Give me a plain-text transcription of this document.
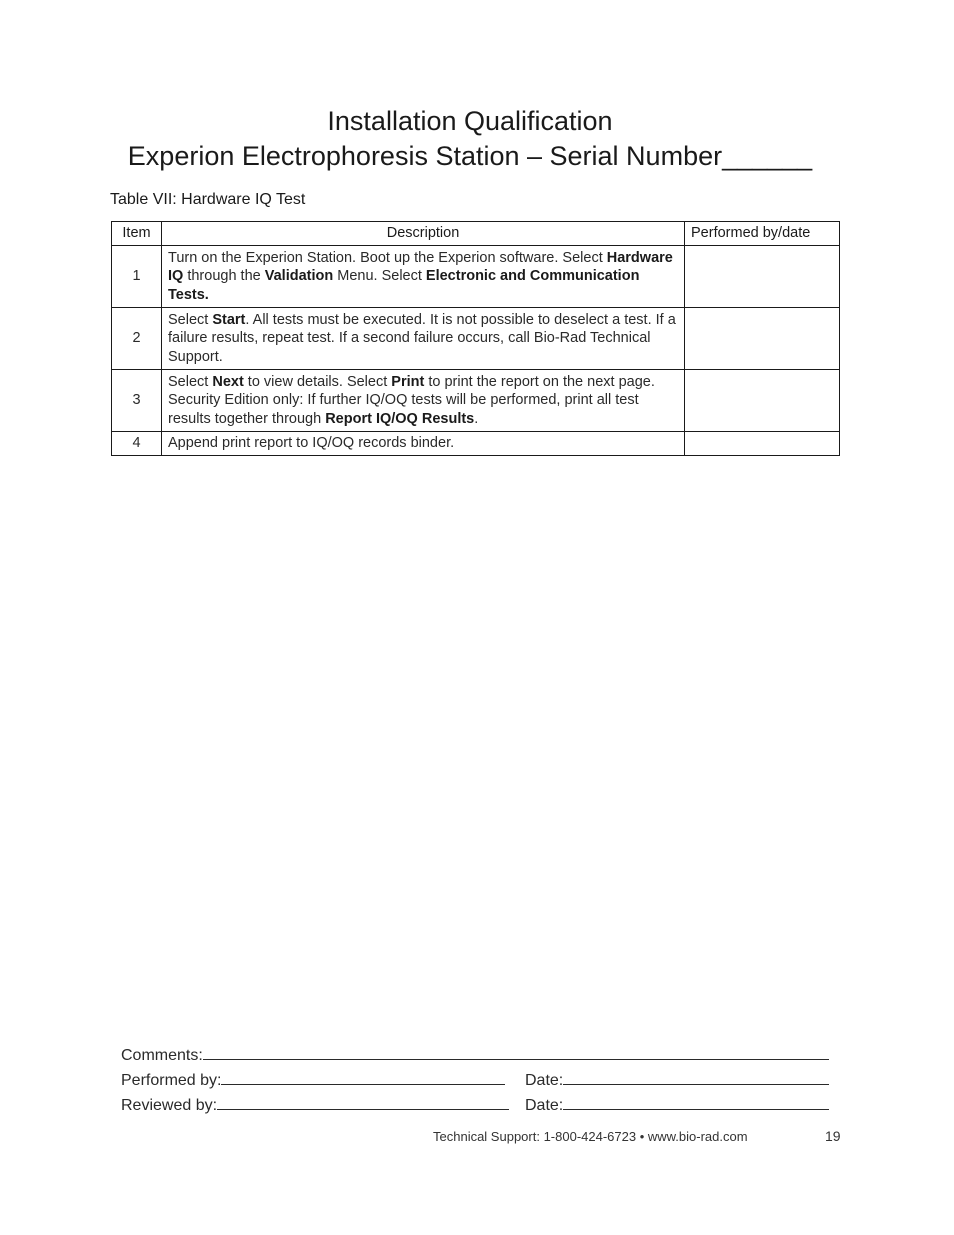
Installation Qualification
Experion Electrophoresis Station – Serial Number______
Table VII: Hardware IQ Test
Item	Description	Performed by/date
1	Turn on the Experion Station. Boot up the Experion software. Select Hardware IQ through the Validation Menu. Select Electronic and Communication Tests.	
2	Select Start. All tests must be executed. It is not possible to deselect a test. If a failure results, repeat test. If a second failure occurs, call Bio-Rad Technical Support.	
3	Select Next to view details. Select Print to print the report on the next page. Security Edition only: If further IQ/OQ tests will be performed, print all test results together through Report IQ/OQ Results.	
4	Append print report to IQ/OQ records binder.	
Comments:
Performed by:	Date:
Reviewed by:	Date:
Technical Support: 1-800-424-6723 • www.bio-rad.com	19
